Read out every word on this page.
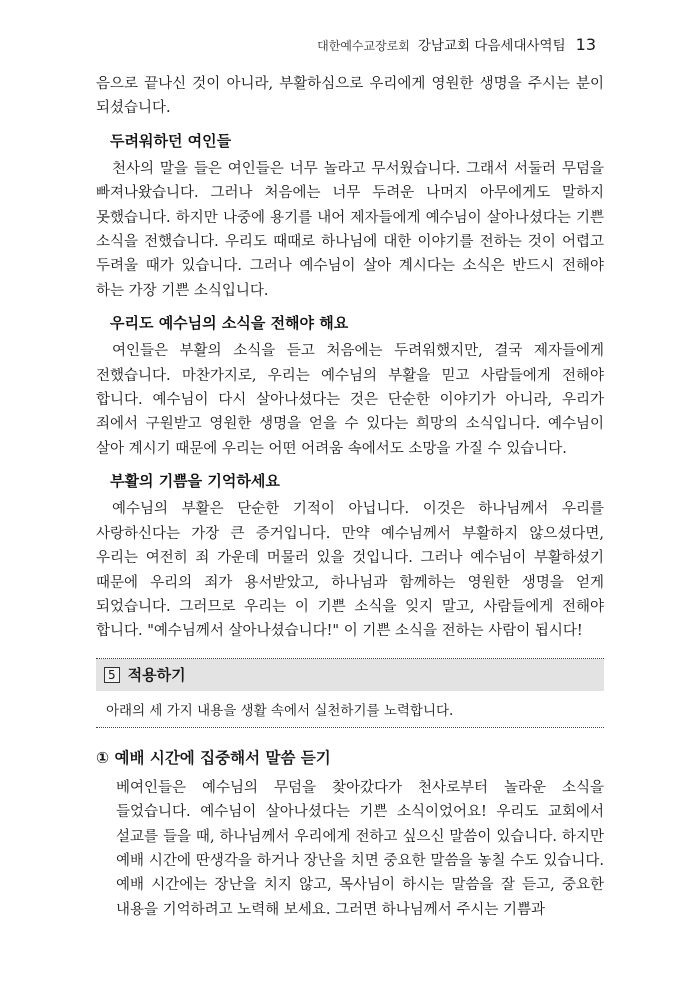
대한예수교장로회 강남교회 다음세대사역팀 13

음으로 끝나신 것이 아니라, 부활하심으로 우리에게 영원한 생명을 주시는 분이 되셨습니다.

두려워하던 여인들

천사의 말을 들은 여인들은 너무 놀라고 무서웠습니다. 그래서 서둘러 무덤을 빠져나왔습니다. 그러나 처음에는 너무 두려운 나머지 아무에게도 말하지 못했습니다. 하지만 나중에 용기를 내어 제자들에게 예수님이 살아나셨다는 기쁜 소식을 전했습니다. 우리도 때때로 하나님에 대한 이야기를 전하는 것이 어렵고 두려울 때가 있습니다. 그러나 예수님이 살아 계시다는 소식은 반드시 전해야 하는 가장 기쁜 소식입니다.

우리도 예수님의 소식을 전해야 해요

여인들은 부활의 소식을 듣고 처음에는 두려워했지만, 결국 제자들에게 전했습니다. 마찬가지로, 우리는 예수님의 부활을 믿고 사람들에게 전해야 합니다. 예수님이 다시 살아나셨다는 것은 단순한 이야기가 아니라, 우리가 죄에서 구원받고 영원한 생명을 얻을 수 있다는 희망의 소식입니다. 예수님이 살아 계시기 때문에 우리는 어떤 어려움 속에서도 소망을 가질 수 있습니다.

부활의 기쁨을 기억하세요

예수님의 부활은 단순한 기적이 아닙니다. 이것은 하나님께서 우리를 사랑하신다는 가장 큰 증거입니다. 만약 예수님께서 부활하지 않으셨다면, 우리는 여전히 죄 가운데 머물러 있을 것입니다. 그러나 예수님이 부활하셨기 때문에 우리의 죄가 용서받았고, 하나님과 함께하는 영원한 생명을 얻게 되었습니다. 그러므로 우리는 이 기쁜 소식을 잊지 말고, 사람들에게 전해야 합니다. "예수님께서 살아나셨습니다!" 이 기쁜 소식을 전하는 사람이 됩시다!

5 적용하기
아래의 세 가지 내용을 생활 속에서 실천하기를 노력합니다.
① 예배 시간에 집중해서 말씀 듣기

베여인들은 예수님의 무덤을 찾아갔다가 천사로부터 놀라운 소식을 들었습니다. 예수님이 살아나셨다는 기쁜 소식이었어요! 우리도 교회에서 설교를 들을 때, 하나님께서 우리에게 전하고 싶으신 말씀이 있습니다. 하지만 예배 시간에 딴생각을 하거나 장난을 치면 중요한 말씀을 놓칠 수도 있습니다. 예배 시간에는 장난을 치지 않고, 목사님이 하시는 말씀을 잘 듣고, 중요한 내용을 기억하려고 노력해 보세요. 그러면 하나님께서 주시는 기쁨과
